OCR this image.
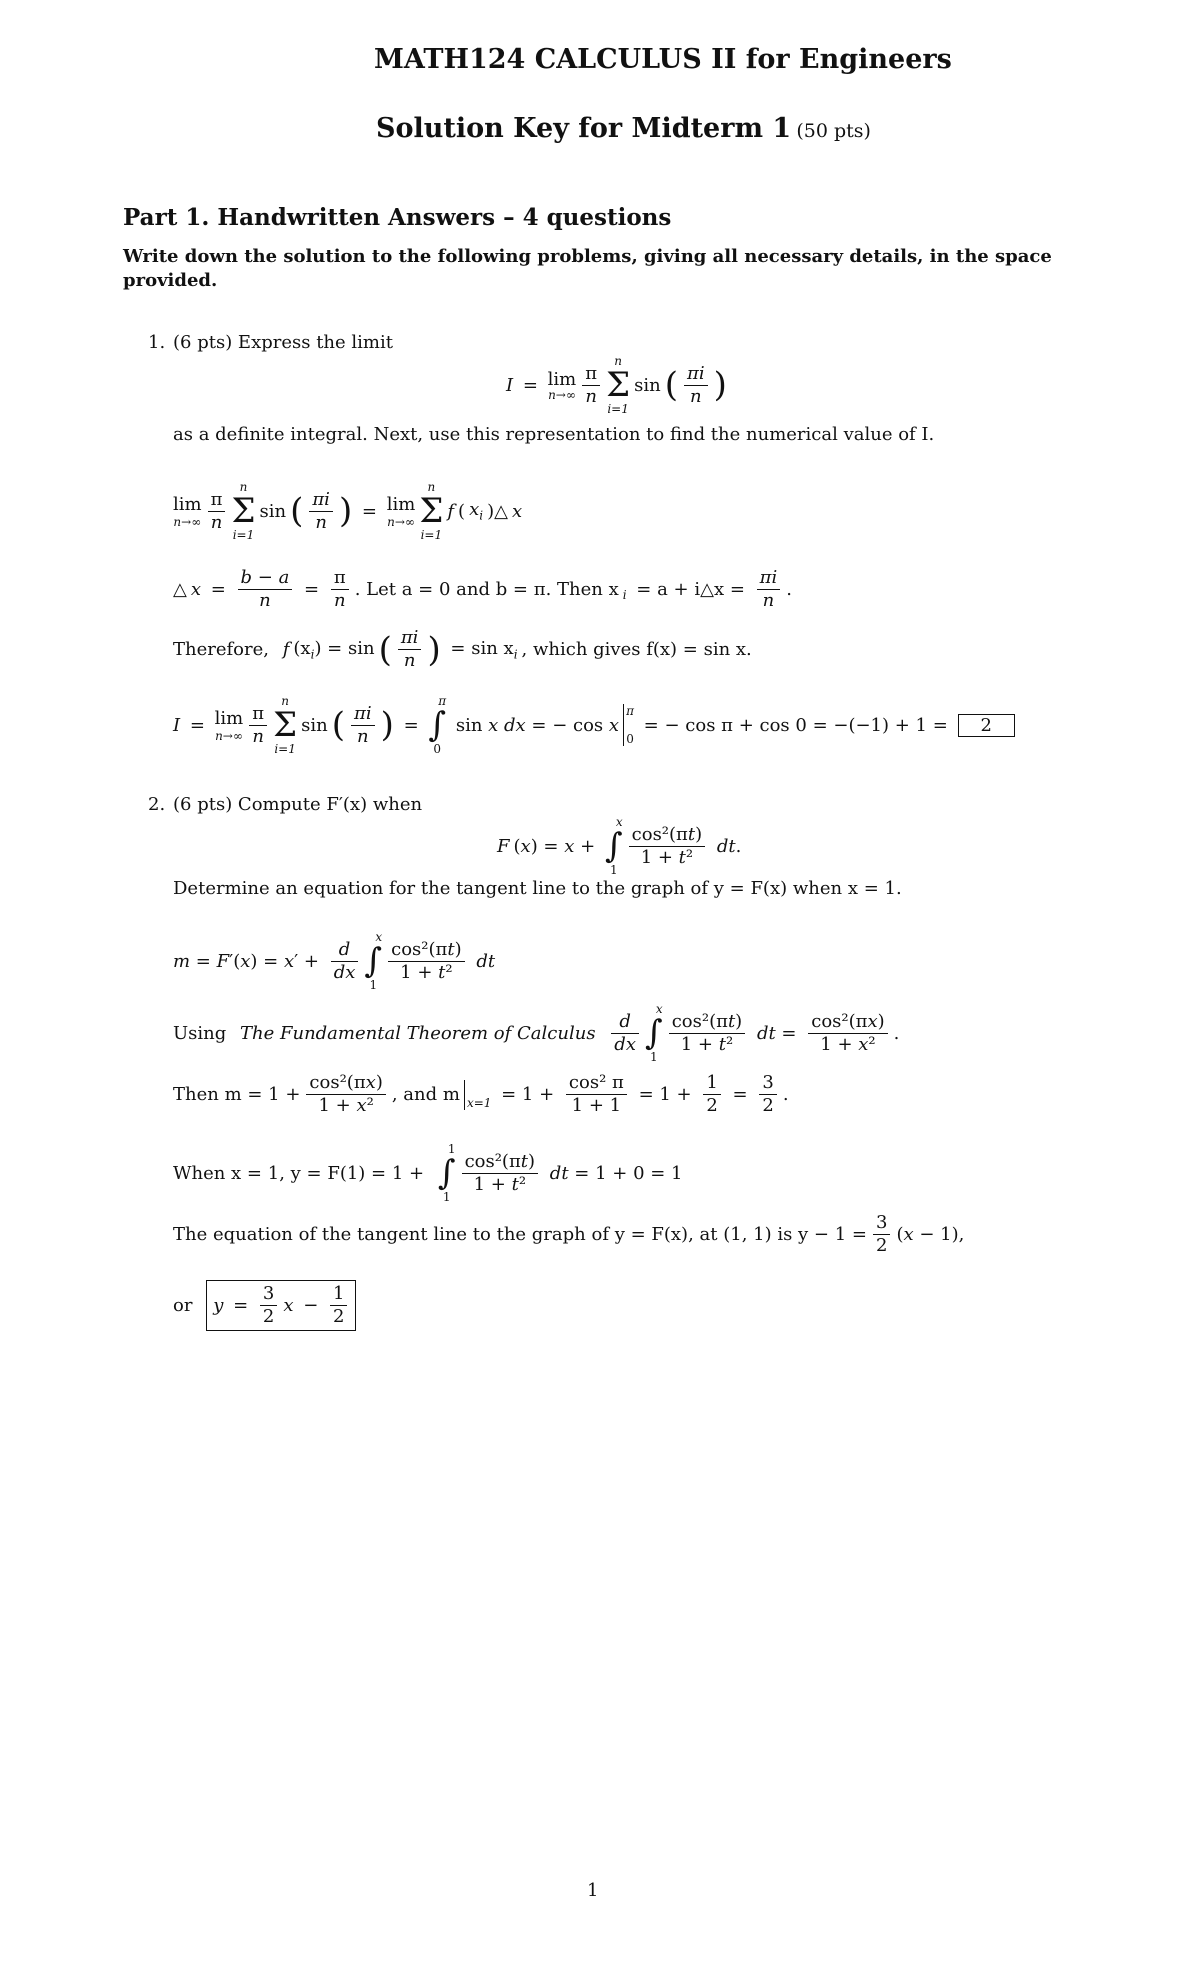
MATH124 CALCULUS II for Engineers
Solution Key for Midterm 1 (50 pts)
Part 1. Handwritten Answers – 4 questions
Write down the solution to the following problems, giving all necessary details, in the space provided.
1. (6 pts) Express the limit
I = lim
$n\to\infty \frac{\pi}{n}$
n
Σ
i=1
sin ( $\frac{\pi i}{n}$ )
as a definite integral. Next, use this representation to find the numerical value of I.
lim
$n\to\infty \frac{\pi}{n}$
n
Σ
i=1
sin ( $\frac{\pi i}{n}$ ) = lim
n→∞
n
Σ
i=1
f ( $x_i$ )△ x
△ $x = \frac{b - a}{n} = \frac{\pi}{n}$ . Let a = 0 and b = π. Then x i = a + i△x = $\frac{\pi i}{n}$ .
Therefore,
f $(x_i) = \sin$ ( $\frac{\pi i}{n}$ ) = $\sin x_i$ , which gives f(x) = sin x.
I = lim
$n\to\infty \frac{\pi}{n}$
n
Σ
i=1
sin ( $\frac{\pi i}{n}$ ) =
π
∫
0
sin x dx = − cos x
π
0
= − cos π + cos 0 = −(−1) + 1 =	2
2. (6 pts) Compute F′(x) when
F (x) = x +
x
∫
1
$\frac{\text{cos²(πt)}}{\text{1 + t²}}$ dt.
Determine an equation for the tangent line to the graph of y = F(x) when x = 1.
$m = F'(x) = x' + \frac{d}{dx}$
x
∫
1
$\frac{\text{cos²(πt)}}{\text{1 + t²}}$ dt
Using
The Fundamental Theorem of Calculus
$\frac{d}{dx}$
x
∫
1
$\frac{\text{cos²(πt)}}{\text{1 + t²}}$ dt = $\frac{\text{cos²(πx)}}{\text{1 + x²}}$ .
Then $m = 1 + \frac{\text{cos²(πx)}}{\text{1 + x²}}$ , and m $x=1 = 1 + \frac{\text{cos² π}}{1 + 1} = 1 + \frac{1}{2} = \frac{3}{2}$ .
When x = 1, y = F(1) = 1 +

1
∫
1
$\frac{\text{cos²(πt)}}{\text{1 + t²}}$ dt = 1 + 0 = 1
The equation of the tangent line to the graph of y = F(x), at (1, 1) is $y - 1 = \frac{3}{2} (x - 1)$,
or
$y = \frac{3}{2}$ $x - \frac{1}{2}$
1
